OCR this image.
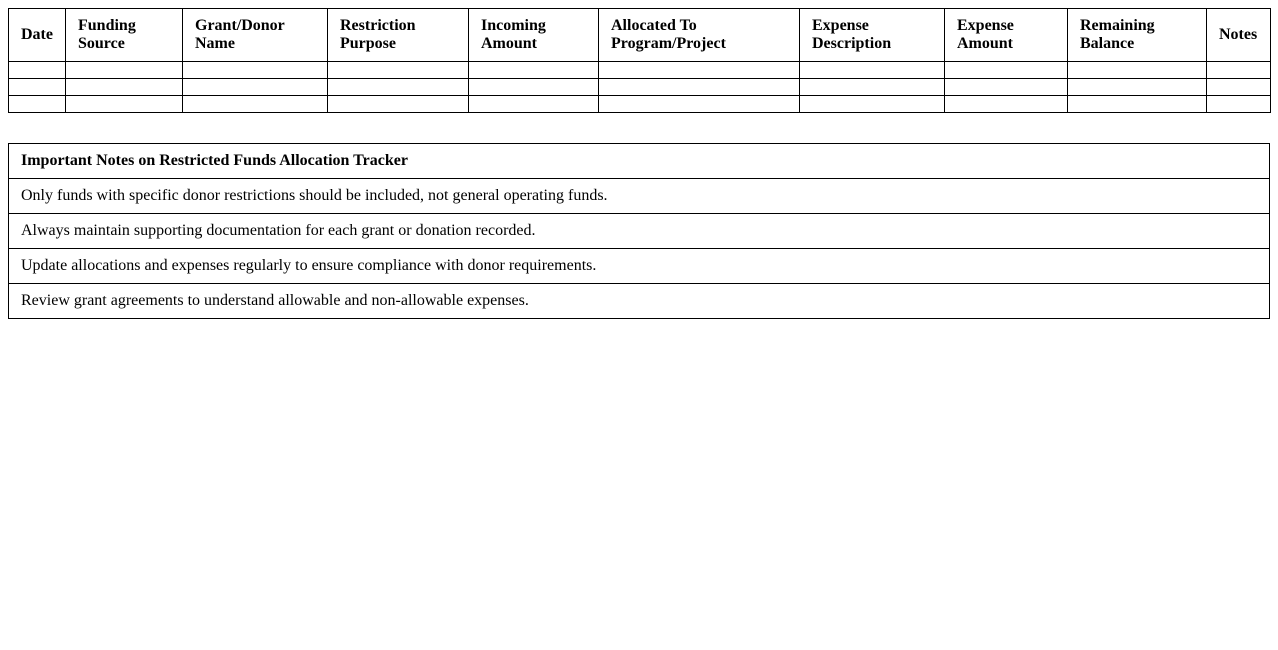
Date	Funding Source	Grant/Donor Name	Restriction Purpose	Incoming Amount	Allocated To Program/Project	Expense Description	Expense Amount	Remaining Balance	Notes

Important Notes on Restricted Funds Allocation Tracker
Only funds with specific donor restrictions should be included, not general operating funds.
Always maintain supporting documentation for each grant or donation recorded.
Update allocations and expenses regularly to ensure compliance with donor requirements.
Review grant agreements to understand allowable and non-allowable expenses.
